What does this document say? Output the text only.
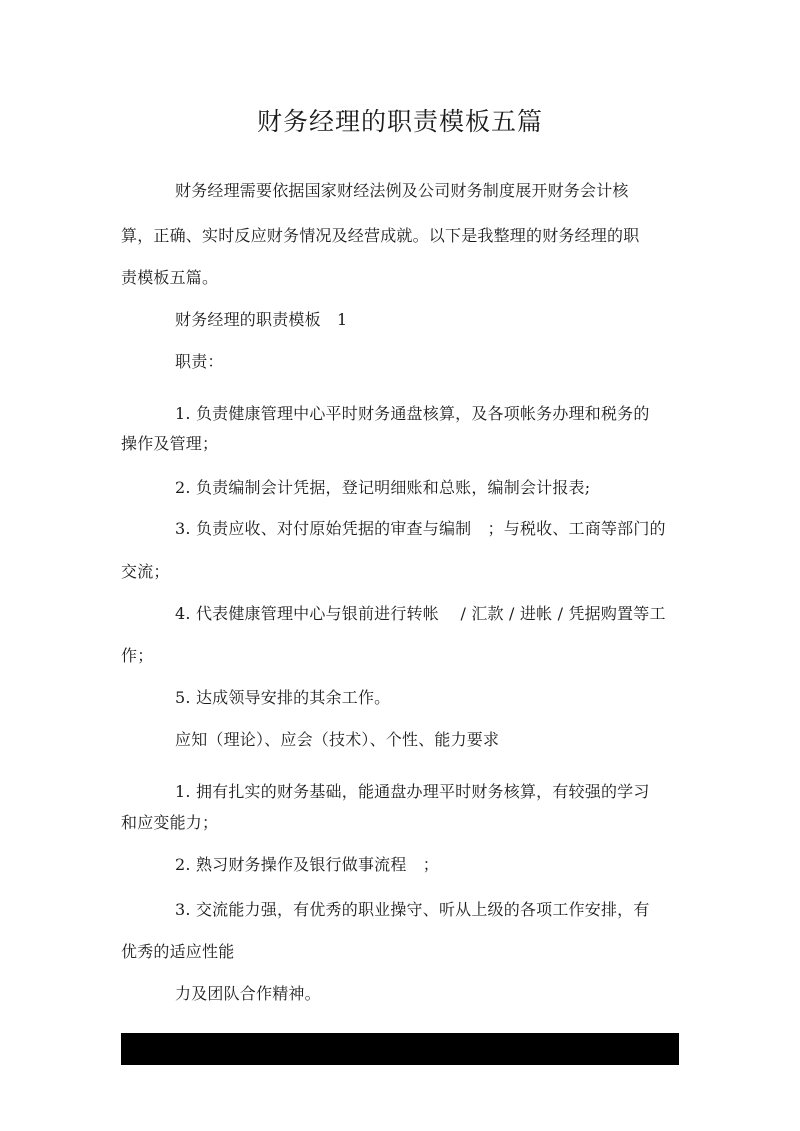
财务经理的职责模板五篇
财务经理需要依据国家财经法例及公司财务制度展开财务会计核
算，正确、实时反应财务情况及经营成就。以下是我整理的财务经理的职
责模板五篇。
财务经理的职责模板　1
职责：
1. 负责健康管理中心平时财务通盘核算，及各项帐务办理和税务的
操作及管理；
2. 负责编制会计凭据，登记明细账和总账，编制会计报表;
3. 负责应收、对付原始凭据的审查与编制　；与税收、工商等部门的
交流；
4. 代表健康管理中心与银前进行转帐　 / 汇款 / 进帐 / 凭据购置等工
作；
5. 达成领导安排的其余工作。
应知（理论）、应会（技术）、个性、能力要求
1. 拥有扎实的财务基础，能通盘办理平时财务核算，有较强的学习
和应变能力；
2. 熟习财务操作及银行做事流程　；
3. 交流能力强，有优秀的职业操守、听从上级的各项工作安排，有
优秀的适应性能
力及团队合作精神。
